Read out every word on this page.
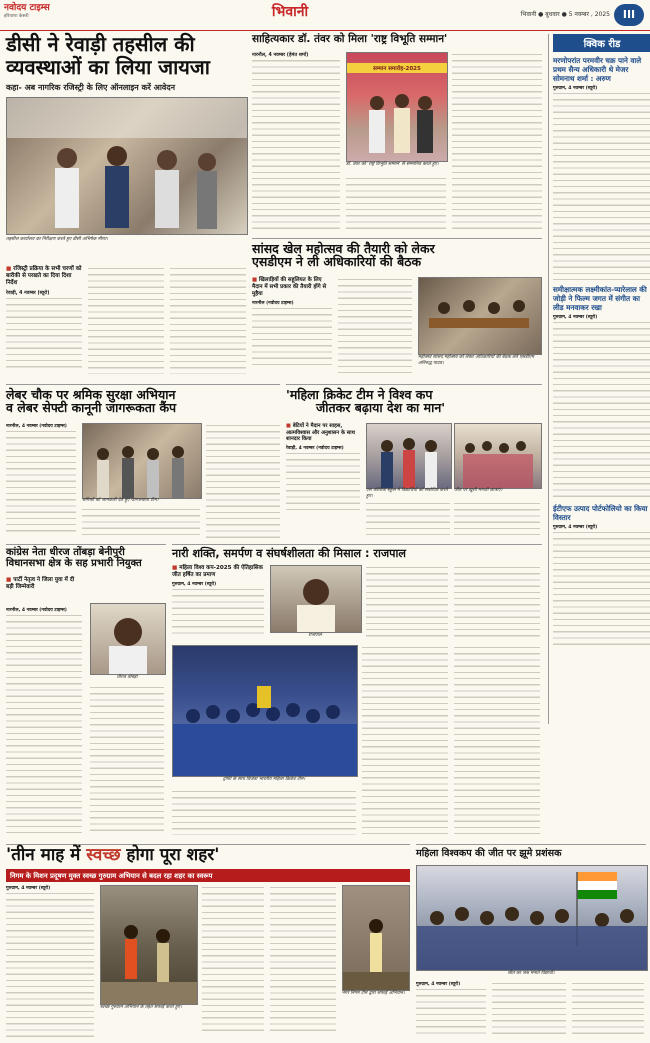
नवोदय टाइम्स
हरियाणा केसरी	भिवानी	भिवानी ● बुधवार ● 5 नवम्बर , 2025	III
डीसी ने रेवाड़ी तहसील की
व्यवस्थाओं का लिया जायजा
कहा- अब नागरिक रजिस्ट्री के लिए ऑनलाइन करें आवेदन
तहसील कार्यालय का निरीक्षण करते हुए डीसी अभिषेक मीणा।
■ रजिस्ट्री प्रक्रिया के सभी चरणों को बारीकी से परखते का दिया दिशा निर्देश
रेवाड़ी, 4 नवम्बर (ब्यूरो)
साहित्यकार डॉ. तंवर को मिला 'राष्ट्र विभूति सम्मान'
नारनौल, 4 नवम्बर (हेमंत शर्मा)
सम्मान समारोह-2025
डॉ. तंवर को 'राष्ट्र विभूति सम्मान' से सम्मानित करते हुए।
क्विक रीड
मरणोपरांत परमवीर चक्र पाने वाले प्रथम सैन्य अधिकारी थे मेजर सोमनाथ शर्मा : अरुण
गुरुग्राम, 4 नवम्बर (ब्यूरो)
समीक्षात्मक लक्ष्मीकांत-प्यारेलाल की जोड़ी ने फिल्म जगत में संगीत का लीड मनवाकर रखा
गुरुग्राम, 4 नवम्बर (ब्यूरो)
ईटीएफ उत्पाद पोर्टफोलियो का किया विस्तार
गुरुग्राम, 4 नवम्बर (ब्यूरो)
सांसद खेल महोत्सव की तैयारी को लेकर
एसडीएम ने ली अधिकारियों की बैठक
■ खिलाड़ियों की सहूलियत के लिए मैदान में सभी प्रकार की तैयारी होंगे से मुहैया
नारनौल (नवोदय टाइम्स)
महोत्सव सांसद महोत्सव को लेकर अधिकारियों की बैठक लेते एसडीएम अनिरुद्ध यादव।
लेबर चौक पर श्रमिक सुरक्षा अभियान
व लेबर सेफ्टी कानूनी जागरूकता कैंप
नारनौल, 4 नवम्बर (नवोदय टाइम्स)
श्रमिकों को जानकारी देते हुए जागरूकता टीम।
'महिला क्रिकेट टीम ने विश्व कप
जीतकर बढ़ाया देश का मान'
■ बेटियों ने मैदान पर साहस, आत्मविश्वास और अनुशासन के साथ शानदार किया
रेवाड़ी, 4 नवम्बर (नवोदय टाइम्स)
एस कौशिक स्कूल में विद्यार्थियों को संबोधित करते हुए।
जीत पर खुशी मनाती छात्राएं।
कांग्रेस नेता धीरज तोंबड़ा बेनीपुरी
विधानसभा क्षेत्र के सह प्रभारी नियुक्त
■ पार्टी नेतृत्व ने जिला युवा में दी बड़ी जिम्मेवारी
नारनौल, 4 नवम्बर (नवोदय टाइम्स)
धीरज तोंबड़ा
नारी शक्ति, समर्पण व संघर्षशीलता की मिसाल : राजपाल
■ महिला विश्व कप-2025 की ऐतिहासिक जीत हर्षित का प्रमाण
गुरुग्राम, 4 नवम्बर (ब्यूरो)
राजपाल
ट्रॉफी के साथ विजेता भारतीय महिला क्रिकेट टीम।
'तीन माह में स्वच्छ होगा पूरा शहर'
निगम के मिशन प्रदूषण मुक्त स्वच्छ गुरुग्राम अभियान से बदल रहा शहर का स्वरूप
गुरुग्राम, 4 नवम्बर (ब्यूरो)
स्वच्छ गुरुग्राम अभियान के तहत सफाई करते हुए।
नगर निगम टीम द्वारा सफाई अभियान।
महिला विश्वकप की जीत पर झूमे प्रशंसक
जीत का जश्न मनाते विद्यार्थी।
गुरुग्राम, 4 नवम्बर (ब्यूरो)
